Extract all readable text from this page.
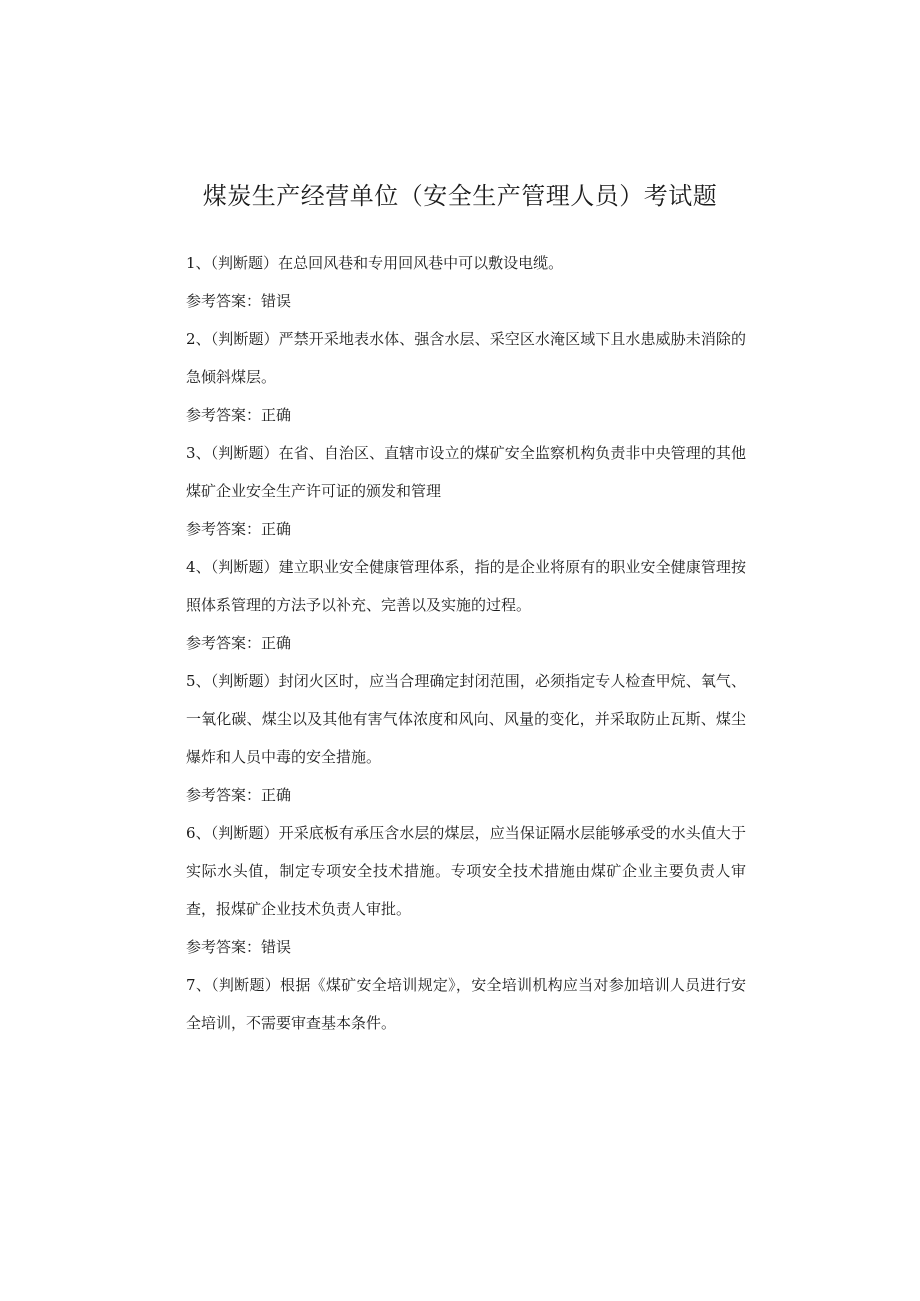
煤炭生产经营单位（安全生产管理人员）考试题

1、（判断题）在总回风巷和专用回风巷中可以敷设电缆。

参考答案：错误

2、（判断题）严禁开采地表水体、强含水层、采空区水淹区域下且水患威胁未消除的急倾斜煤层。

参考答案：正确

3、（判断题）在省、自治区、直辖市设立的煤矿安全监察机构负责非中央管理的其他煤矿企业安全生产许可证的颁发和管理

参考答案：正确

4、（判断题）建立职业安全健康管理体系，指的是企业将原有的职业安全健康管理按照体系管理的方法予以补充、完善以及实施的过程。

参考答案：正确

5、（判断题）封闭火区时，应当合理确定封闭范围，必须指定专人检查甲烷、氧气、一氧化碳、煤尘以及其他有害气体浓度和风向、风量的变化，并采取防止瓦斯、煤尘爆炸和人员中毒的安全措施。

参考答案：正确

6、（判断题）开采底板有承压含水层的煤层，应当保证隔水层能够承受的水头值大于实际水头值，制定专项安全技术措施。专项安全技术措施由煤矿企业主要负责人审查，报煤矿企业技术负责人审批。

参考答案：错误

7、（判断题）根据《煤矿安全培训规定》，安全培训机构应当对参加培训人员进行安全培训，不需要审查基本条件。
